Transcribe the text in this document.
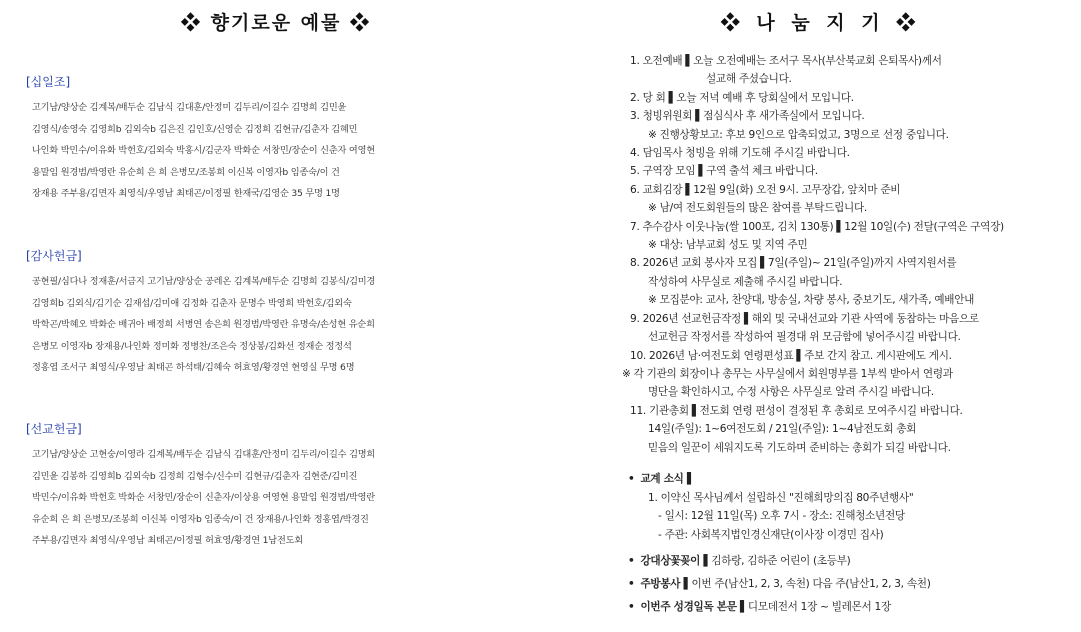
❖ 향기로운 예물 ❖
[십일조]
고기남/양상순 김계복/배두순 김남식 김대훈/안정미 김두리/이길수 김명희 김민윤
김영식/송영숙 김영희b 김외숙b 김은진 김인호/신영순 김정희 김현규/김춘자 김혜민
나인화 박민수/이유화 박헌호/김외숙 박홍시/김군자 박화순 서창민/장순이 신춘자 여영현
용말임 원경범/박영란 유순희 은 희 은병모/조봉희 이신복 이영자b 임종숙/이 건
장재용 주부용/김면자 최영식/우영남 최태곤/이정필 한재국/김영순 35 무명 1명
[감사헌금]
공현필/심다나 정재훈/서금지 고기남/양상순 공레온 김계복/배두순 김명희 김봉식/김미경
김영희b 김외식/김기순 김재섭/김미애 김정화 김춘자 문명수 박영희 박헌호/김외숙
박학곤/박혜오 박화순 배귀아 배정희 서병연 송은희 원경범/박영란 유명숙/손성현 유순희
은병모 이영자b 장재용/나인화 정미화 정병찬/조은숙 정상봉/김화선 정재순 정정석
정홍엽 조서구 최영식/우영남 최태곤 하석태/김혜숙 허효영/황경연 현영실 무명 6명
[선교헌금]
고기남/양상순 고현숭/이영라 김계복/배두순 김남식 김대훈/안정미 김두리/이길수 김명희
김민윤 김봉하 김영희b 김외숙b 김정희 김형수/신수미 김현규/김춘자 김현준/김미진
박민수/이유화 박헌호 박화순 서창민/장순이 신춘자/이상용 여영현 용말임 원경범/박영란
유순희 은 희 은병모/조봉희 이신복 이영자b 임종숙/이 건 장재용/나인화 정홍엽/박경진
주부용/김면자 최영식/우영남 최태곤/이정필 허효영/황경연 1남전도회
❖ 나 눔 지 기 ❖
1. 오전예배 ▌오늘 오전예배는 조서구 목사(부산북교회 은퇴목사)께서
설교해 주셨습니다.
2. 당 회 ▌오늘 저녁 예배 후 당회실에서 모입니다.
3. 청빙위원회 ▌점심식사 후 새가족실에서 모입니다.
※ 진행상황보고: 후보 9인으로 압축되었고, 3명으로 선정 중입니다.
4. 담임목사 청빙을 위해 기도해 주시길 바랍니다.
5. 구역장 모임 ▌구역 출석 체크 바랍니다.
6. 교회김장 ▌12월 9일(화) 오전 9시. 고무장갑, 앞치마 준비
※ 남/여 전도회원들의 많은 참여를 부탁드립니다.
7. 추수감사 이웃나눔(쌀 100포, 김치 130통) ▌12월 10일(수) 전달(구역은 구역장)
※ 대상: 남부교회 성도 및 지역 주민
8. 2026년 교회 봉사자 모집 ▌7일(주일)~ 21일(주일)까지 사역지원서를
작성하여 사무실로 제출해 주시길 바랍니다.
※ 모집분야: 교사, 찬양대, 방송실, 차량 봉사, 중보기도, 새가족, 예배안내
9. 2026년 선교헌금작정 ▌해외 및 국내선교와 기관 사역에 동참하는 마음으로
선교헌금 작정서를 작성하여 필경대 위 모금함에 넣어주시길 바랍니다.
10. 2026년 남·여전도회 연령편성표 ▌주보 간지 참고. 게시판에도 게시.
※ 각 기관의 회장이나 총무는 사무실에서 회원명부를 1부씩 받아서 연령과
명단을 확인하시고, 수정 사항은 사무실로 알려 주시길 바랍니다.
11. 기관총회 ▌전도회 연령 편성이 결정된 후 총회로 모여주시길 바랍니다.
14일(주일): 1~6여전도회 / 21일(주일): 1~4남전도회 총회
믿음의 일꾼이 세워지도록 기도하며 준비하는 총회가 되길 바랍니다.
• 교계 소식 ▌
1. 이약신 목사님께서 설립하신 "진해희망의집 80주년행사"
- 일시: 12월 11일(목) 오후 7시 - 장소: 진해청소년전당
- 주관: 사회복지법인경신재단(이사장 이경민 집사)
• 강대상꽃꽂이 ▌김하랑, 김하준 어린이 (초등부)
• 주방봉사 ▌이번 주(남산1, 2, 3, 속천) 다음 주(남산1, 2, 3, 속천)
• 이번주 성경일독 본문 ▌디모데전서 1장 ~ 빌레몬서 1장
